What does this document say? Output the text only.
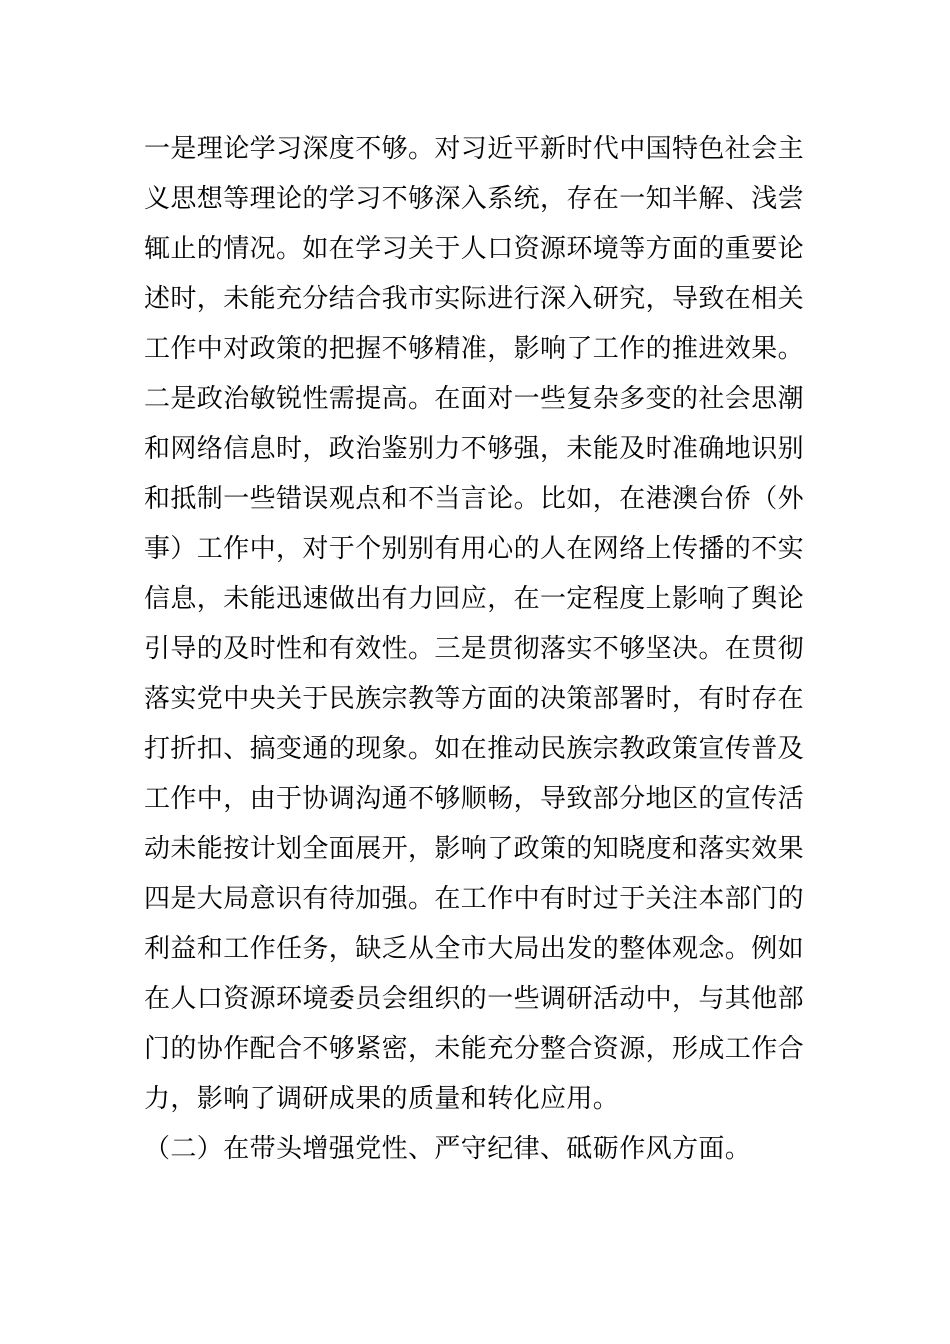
一是理论学习深度不够。对习近平新时代中国特色社会主
义思想等理论的学习不够深入系统，存在一知半解、浅尝
辄止的情况。如在学习关于人口资源环境等方面的重要论
述时，未能充分结合我市实际进行深入研究，导致在相关
工作中对政策的把握不够精准，影响了工作的推进效果。
二是政治敏锐性需提高。在面对一些复杂多变的社会思潮
和网络信息时，政治鉴别力不够强，未能及时准确地识别
和抵制一些错误观点和不当言论。比如，在港澳台侨（外
事）工作中，对于个别别有用心的人在网络上传播的不实
信息，未能迅速做出有力回应，在一定程度上影响了舆论
引导的及时性和有效性。三是贯彻落实不够坚决。在贯彻
落实党中央关于民族宗教等方面的决策部署时，有时存在
打折扣、搞变通的现象。如在推动民族宗教政策宣传普及
工作中，由于协调沟通不够顺畅，导致部分地区的宣传活
动未能按计划全面展开，影响了政策的知晓度和落实效果
四是大局意识有待加强。在工作中有时过于关注本部门的
利益和工作任务，缺乏从全市大局出发的整体观念。例如
在人口资源环境委员会组织的一些调研活动中，与其他部
门的协作配合不够紧密，未能充分整合资源，形成工作合
力，影响了调研成果的质量和转化应用。
（二）在带头增强党性、严守纪律、砥砺作风方面。
